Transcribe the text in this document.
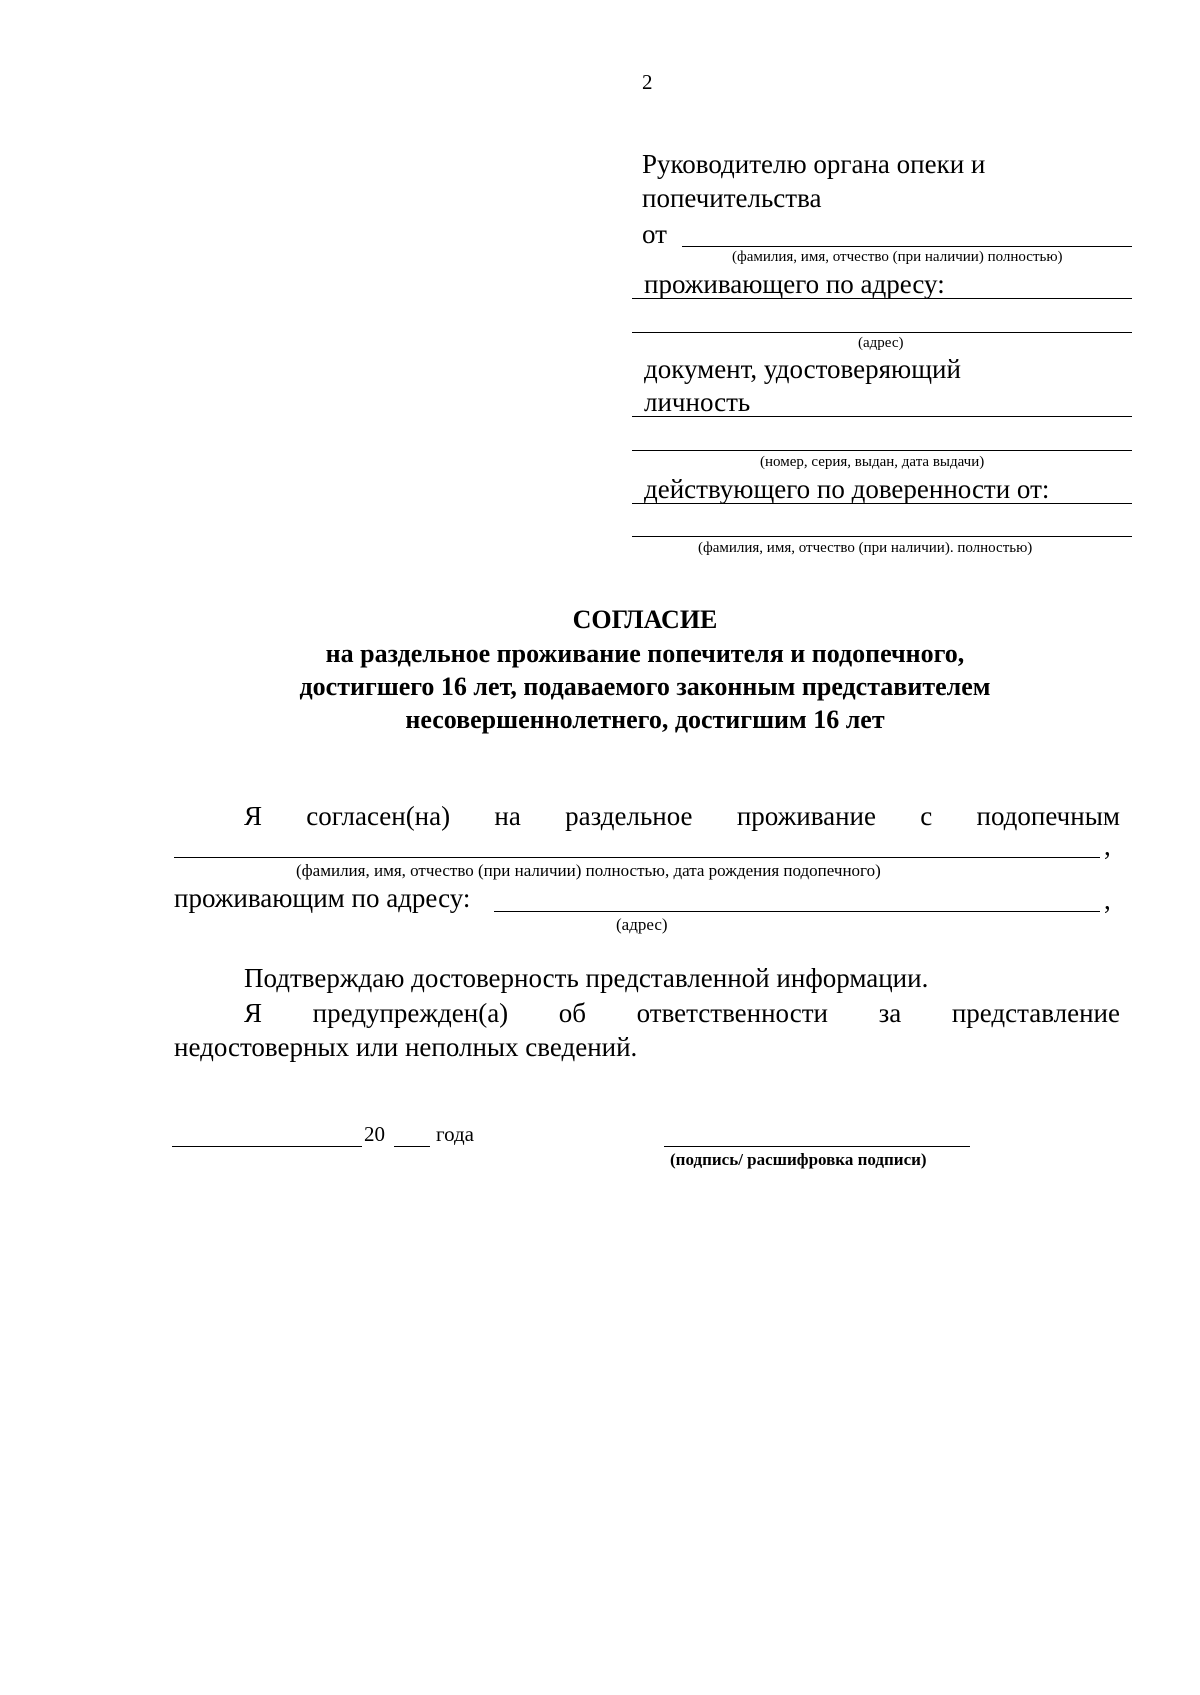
2
Руководителю органа опеки и
попечительства
от
(фамилия, имя, отчество (при наличии) полностью)
проживающего по адресу:
(адрес)
документ, удостоверяющий
личность
(номер, серия, выдан, дата выдачи)
действующего по доверенности от:
(фамилия, имя, отчество (при наличии). полностью)
СОГЛАСИЕ
на раздельное проживание попечителя и подопечного,
достигшего 16 лет, подаваемого законным представителем
несовершеннолетнего, достигшим 16 лет
Я согласен(на) на раздельное проживание с подопечным
,
(фамилия, имя, отчество (при наличии) полностью, дата рождения подопечного)
проживающим по адресу:	,
(адрес)
Подтверждаю достоверность представленной информации.
Я предупрежден(а) об ответственности за представление
недостоверных или неполных сведений.
20 года
(подпись/ расшифровка подписи)
